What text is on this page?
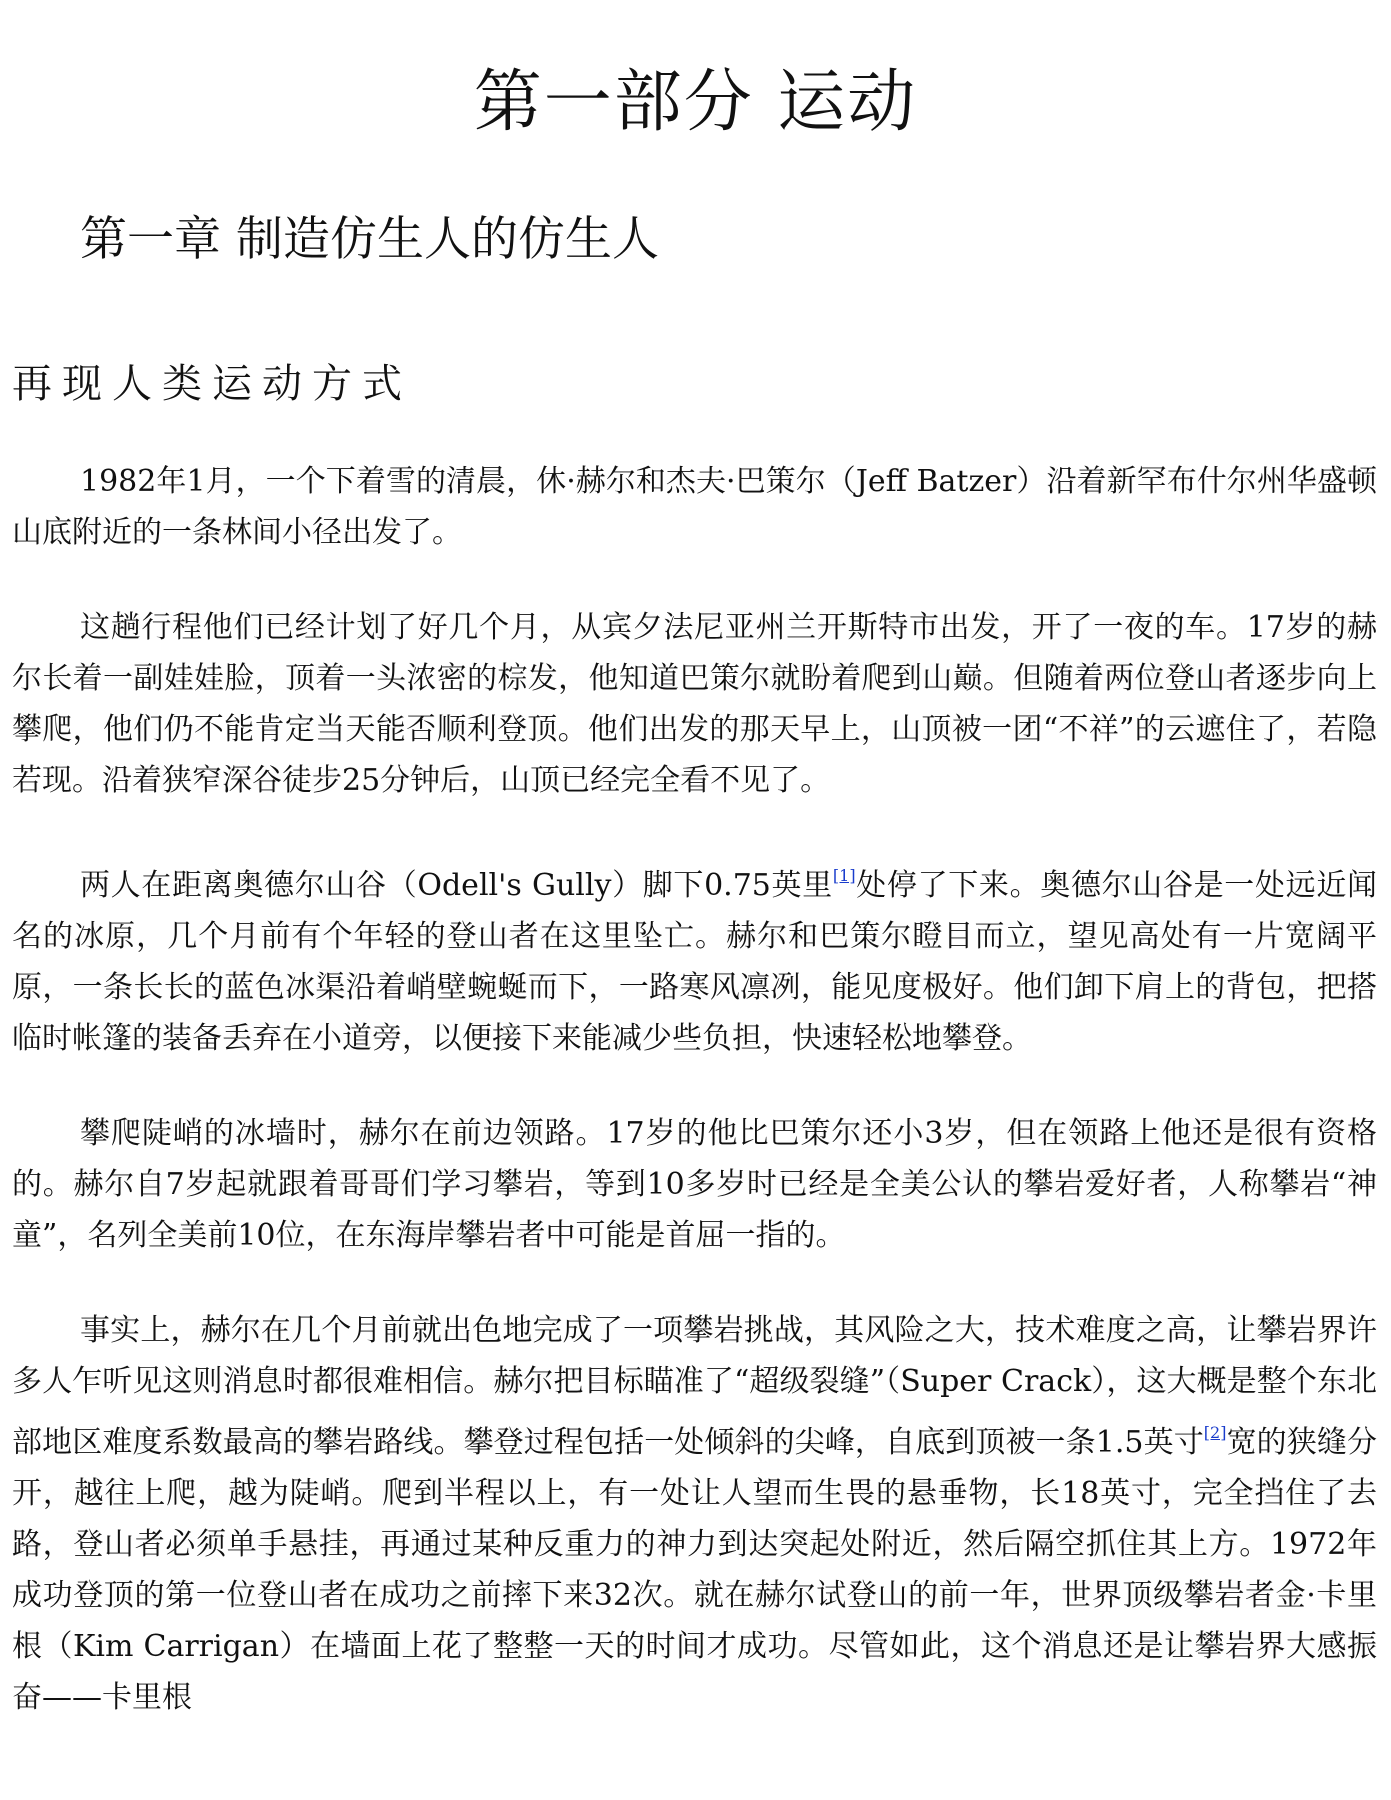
第一部分 运动
第一章 制造仿生人的仿生人
再现人类运动方式

1982年1月，一个下着雪的清晨，休·赫尔和杰夫·巴策尔（Jeff Batzer）沿着新罕布什尔州华盛顿山底附近的一条林间小径出发了。

这趟行程他们已经计划了好几个月，从宾夕法尼亚州兰开斯特市出发，开了一夜的车。17岁的赫尔长着一副娃娃脸，顶着一头浓密的棕发，他知道巴策尔就盼着爬到山巅。但随着两位登山者逐步向上攀爬，他们仍不能肯定当天能否顺利登顶。他们出发的那天早上，山顶被一团“不祥”的云遮住了，若隐若现。沿着狭窄深谷徒步25分钟后，山顶已经完全看不见了。

两人在距离奥德尔山谷（Odell's Gully）脚下0.75英里[1]处停了下来。奥德尔山谷是一处远近闻名的冰原，几个月前有个年轻的登山者在这里坠亡。赫尔和巴策尔瞪目而立，望见高处有一片宽阔平原，一条长长的蓝色冰渠沿着峭壁蜿蜒而下，一路寒风凛冽，能见度极好。他们卸下肩上的背包，把搭临时帐篷的装备丢弃在小道旁，以便接下来能减少些负担，快速轻松地攀登。

攀爬陡峭的冰墙时，赫尔在前边领路。17岁的他比巴策尔还小3岁，但在领路上他还是很有资格的。赫尔自7岁起就跟着哥哥们学习攀岩，等到10多岁时已经是全美公认的攀岩爱好者，人称攀岩“神童”，名列全美前10位，在东海岸攀岩者中可能是首屈一指的。

事实上，赫尔在几个月前就出色地完成了一项攀岩挑战，其风险之大，技术难度之高，让攀岩界许多人乍听见这则消息时都很难相信。赫尔把目标瞄准了“超级裂缝”（Super Crack），这大概是整个东北部地区难度系数最高的攀岩路线。攀登过程包括一处倾斜的尖峰，自底到顶被一条1.5英寸[2]宽的狭缝分开，越往上爬，越为陡峭。爬到半程以上，有一处让人望而生畏的悬垂物，长18英寸，完全挡住了去路，登山者必须单手悬挂，再通过某种反重力的神力到达突起处附近，然后隔空抓住其上方。1972年成功登顶的第一位登山者在成功之前摔下来32次。就在赫尔试登山的前一年，世界顶级攀岩者金·卡里根（Kim Carrigan）在墙面上花了整整一天的时间才成功。尽管如此，这个消息还是让攀岩界大感振奋——卡里根
